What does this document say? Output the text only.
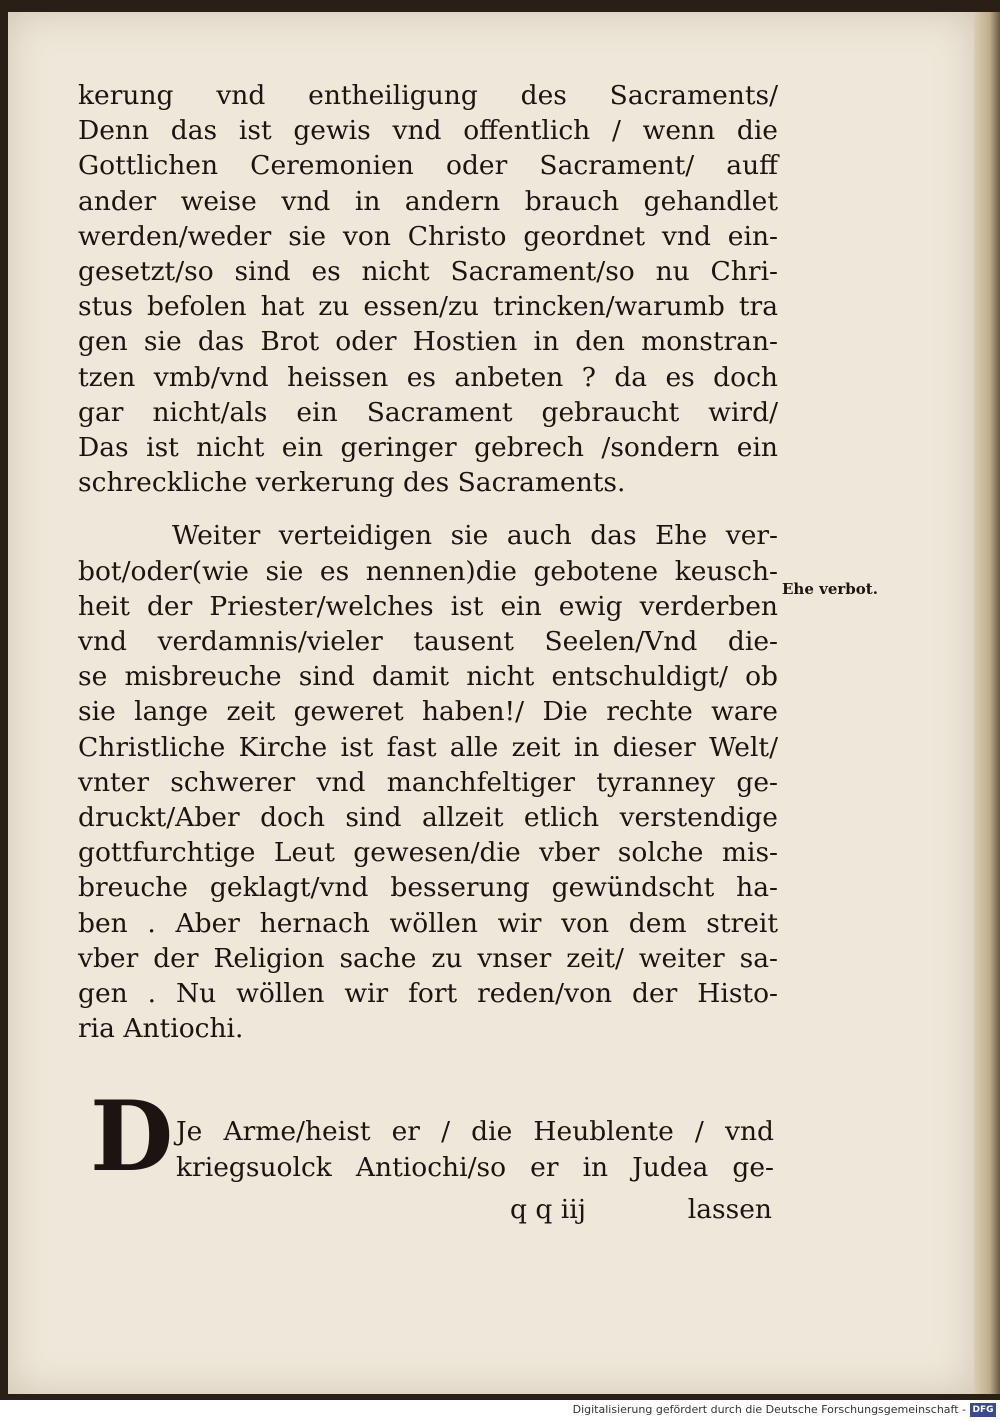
kerung vnd entheiligung des Sacraments/
Denn das ist gewis vnd offentlich / wenn die
Gottlichen Ceremonien oder Sacrament/ auff
ander weise vnd in andern brauch gehandlet
werden/weder sie von Christo geordnet vnd ein-
gesetzt/so sind es nicht Sacrament/so nu Chri-
stus befolen hat zu essen/zu trincken/warumb tra
gen sie das Brot oder Hostien in den monstran-
tzen vmb/vnd heissen es anbeten ? da es doch
gar nicht/als ein Sacrament gebraucht wird/
Das ist nicht ein geringer gebrech /sondern ein
schreckliche verkerung des Sacraments.
Weiter verteidigen sie auch das Ehe ver-
bot/oder(wie sie es nennen)die gebotene keusch-
heit der Priester/welches ist ein ewig verderben
vnd verdamnis/vieler tausent Seelen/Vnd die-
se misbreuche sind damit nicht entschuldigt/ ob
sie lange zeit geweret haben!/ Die rechte ware
Christliche Kirche ist fast alle zeit in dieser Welt/
vnter schwerer vnd manchfeltiger tyranney ge-
druckt/Aber doch sind allzeit etlich verstendige
gottfurchtige Leut gewesen/die vber solche mis-
breuche geklagt/vnd besserung gewündscht ha-
ben . Aber hernach wöllen wir von dem streit
vber der Religion sache zu vnser zeit/ weiter sa-
gen . Nu wöllen wir fort reden/von der Histo-
ria Antiochi.
Ehe verbot.
D Je Arme/heist er / die Heublente / vnd
kriegsuolck Antiochi/so er in Judea ge-
q q iij	lassen
Digitalisierung gefördert durch die Deutsche Forschungsgemeinschaft - DFG
